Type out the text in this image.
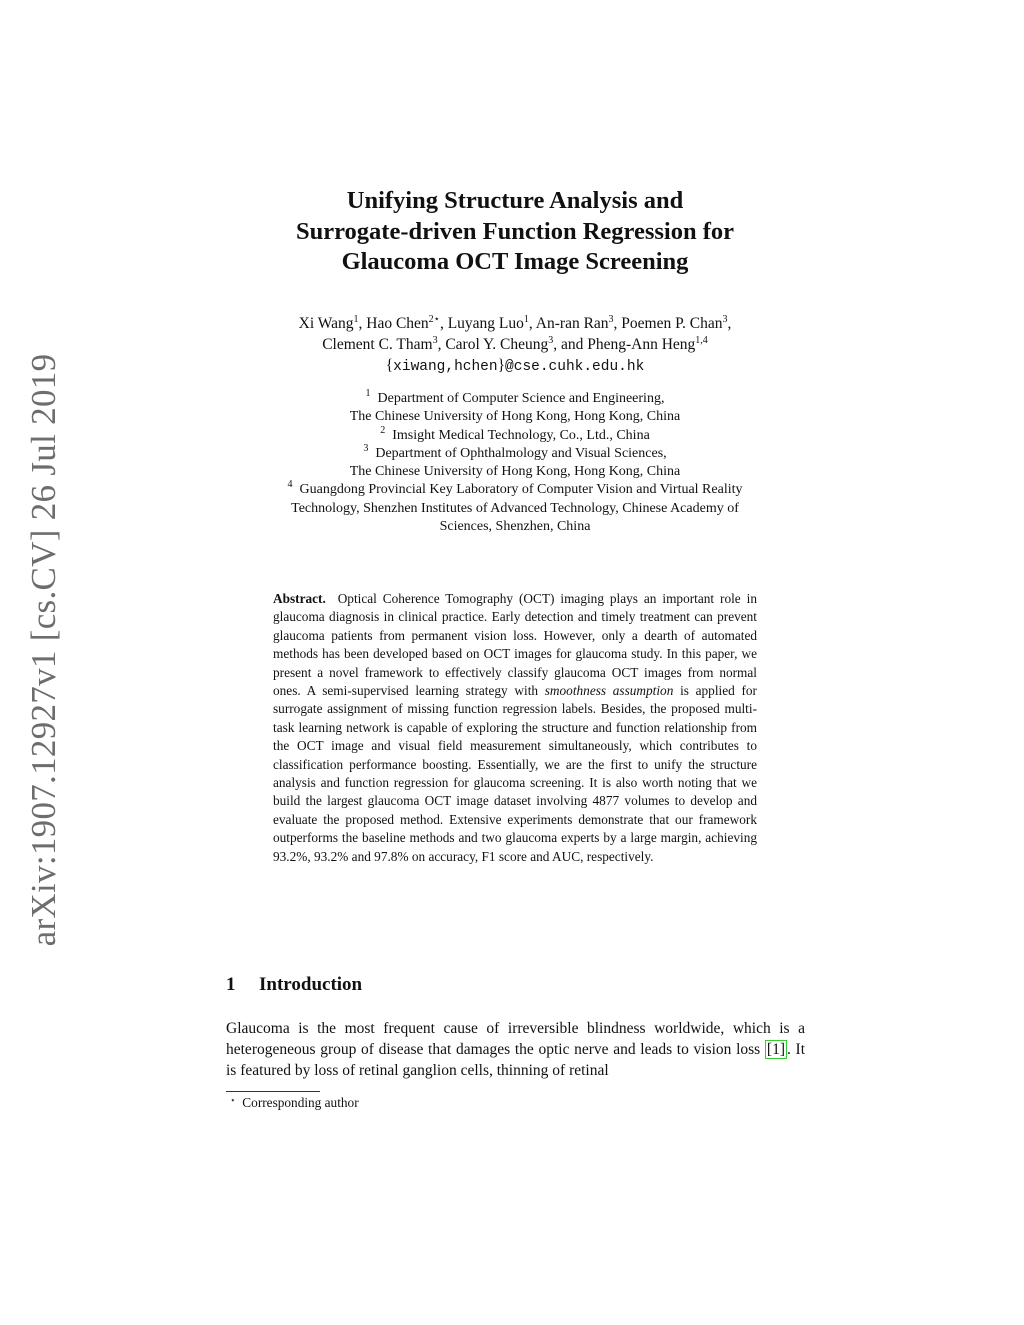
arXiv:1907.12927v1 [cs.CV] 26 Jul 2019
Unifying Structure Analysis and
Surrogate-driven Function Regression for
Glaucoma OCT Image Screening
Xi Wang$^1$, Hao Chen$^{2⋆}$, Luyang Luo$^1$, An-ran Ran$^3$, Poemen P. Chan$^3$,
Clement C. Tham$^3$, Carol Y. Cheung$^3$, and Pheng-Ann Heng$^{1,4}$
{xiwang,hchen}@cse.cuhk.edu.hk
$^1$ Department of Computer Science and Engineering,
The Chinese University of Hong Kong, Hong Kong, China
$^2$ Imsight Medical Technology, Co., Ltd., China
$^3$ Department of Ophthalmology and Visual Sciences,
The Chinese University of Hong Kong, Hong Kong, China
$^4$ Guangdong Provincial Key Laboratory of Computer Vision and Virtual Reality
Technology, Shenzhen Institutes of Advanced Technology, Chinese Academy of
Sciences, Shenzhen, China
Abstract. Optical Coherence Tomography (OCT) imaging plays an important role in glaucoma diagnosis in clinical practice. Early detection and timely treatment can prevent glaucoma patients from permanent vision loss. However, only a dearth of automated methods has been developed based on OCT images for glaucoma study. In this paper, we present a novel framework to effectively classify glaucoma OCT images from normal ones. A semi-supervised learning strategy with smoothness assumption is applied for surrogate assignment of missing function regression labels. Besides, the proposed multi-task learning network is capable of exploring the structure and function relationship from the OCT image and visual field measurement simultaneously, which contributes to classification performance boosting. Essentially, we are the first to unify the structure analysis and function regression for glaucoma screening. It is also worth noting that we build the largest glaucoma OCT image dataset involving 4877 volumes to develop and evaluate the proposed method. Extensive experiments demonstrate that our framework outperforms the baseline methods and two glaucoma experts by a large margin, achieving 93.2%, 93.2% and 97.8% on accuracy, F1 score and AUC, respectively.
1 Introduction
Glaucoma is the most frequent cause of irreversible blindness worldwide, which is a heterogeneous group of disease that damages the optic nerve and leads to vision loss [1] . It is featured by loss of retinal ganglion cells, thinning of retinal
⋆ Corresponding author
